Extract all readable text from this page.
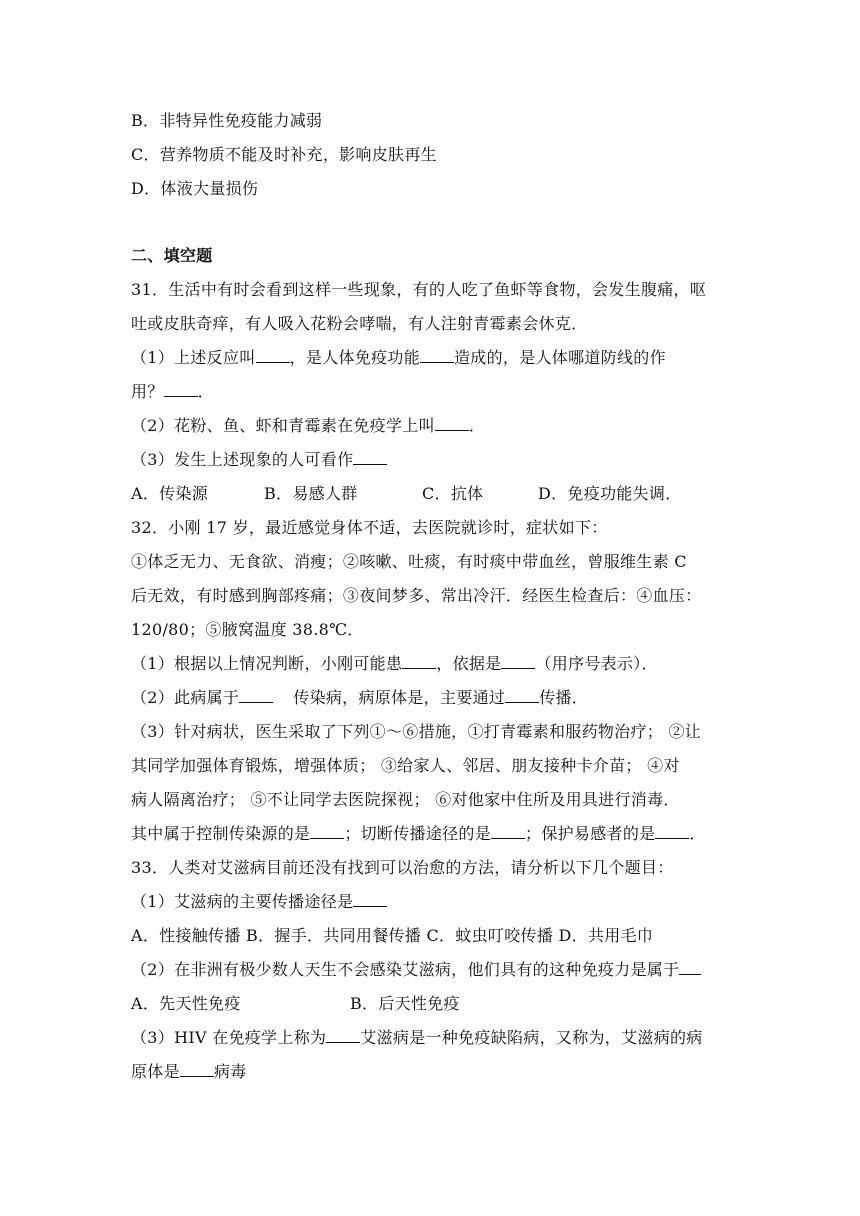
B．非特异性免疫能力减弱
C．营养物质不能及时补充，影响皮肤再生
D．体液大量损伤
二、填空题
31．生活中有时会看到这样一些现象，有的人吃了鱼虾等食物，会发生腹痛，呕
吐或皮肤奇痒，有人吸入花粉会哮喘，有人注射青霉素会休克．
（1）上述反应叫 ，是人体免疫功能 造成的，是人体哪道防线的作
用？ ．
（2）花粉、鱼、虾和青霉素在免疫学上叫 ．
（3）发生上述现象的人可看作
A．传染源	B．易感人群	C．抗体	D．免疫功能失调．
32．小刚 17 岁，最近感觉身体不适，去医院就诊时，症状如下：
①体乏无力、无食欲、消瘦；②咳嗽、吐痰，有时痰中带血丝，曾服维生素 C
后无效，有时感到胸部疼痛；③夜间梦多、常出冷汗．经医生检查后：④血压：
120/80；⑤腋窝温度 38.8℃．
（1）根据以上情况判断，小刚可能患 ，依据是 （用序号表示）．
（2）此病属于	传染病，病原体是，主要通过 传播．
（3）针对病状，医生采取了下列①～⑥措施，①打青霉素和服药物治疗； ②让
其同学加强体育锻炼，增强体质； ③给家人、邻居、朋友接种卡介苗； ④对
病人隔离治疗； ⑤不让同学去医院探视； ⑥对他家中住所及用具进行消毒．
其中属于控制传染源的是 ；切断传播途径的是 ；保护易感者的是 ．
33．人类对艾滋病目前还没有找到可以治愈的方法，请分析以下几个题目：
（1）艾滋病的主要传播途径是
A．性接触传播 B．握手．共同用餐传播 C．蚊虫叮咬传播 D．共用毛巾
（2）在非洲有极少数人天生不会感染艾滋病，他们具有的这种免疫力是属于
A．先天性免疫	B．后天性免疫
（3）HIV 在免疫学上称为 艾滋病是一种免疫缺陷病，又称为，艾滋病的病
原体是 病毒
